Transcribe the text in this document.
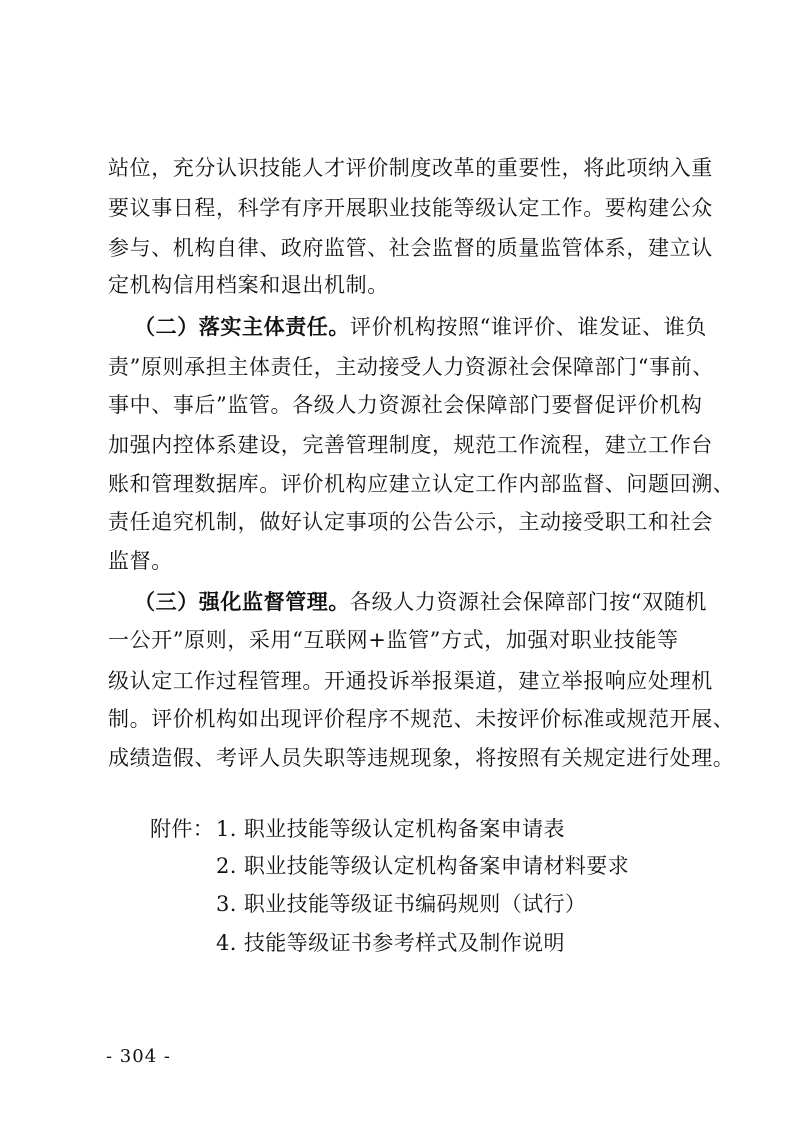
站位，充分认识技能人才评价制度改革的重要性，将此项纳入重
要议事日程，科学有序开展职业技能等级认定工作。要构建公众
参与、机构自律、政府监管、社会监督的质量监管体系，建立认
定机构信用档案和退出机制。
（二）落实主体责任。评价机构按照“谁评价、谁发证、谁负
责”原则承担主体责任，主动接受人力资源社会保障部门“事前、
事中、事后”监管。各级人力资源社会保障部门要督促评价机构
加强内控体系建设，完善管理制度，规范工作流程，建立工作台
账和管理数据库。评价机构应建立认定工作内部监督、问题回溯、
责任追究机制，做好认定事项的公告公示，主动接受职工和社会
监督。
（三）强化监督管理。各级人力资源社会保障部门按“双随机
一公开”原则，采用“互联网+监管”方式，加强对职业技能等
级认定工作过程管理。开通投诉举报渠道，建立举报响应处理机
制。评价机构如出现评价程序不规范、未按评价标准或规范开展、
成绩造假、考评人员失职等违规现象，将按照有关规定进行处理。
附件： 1. 职业技能等级认定机构备案申请表
2. 职业技能等级认定机构备案申请材料要求
3. 职业技能等级证书编码规则（试行）
4. 技能等级证书参考样式及制作说明
- 304 -
